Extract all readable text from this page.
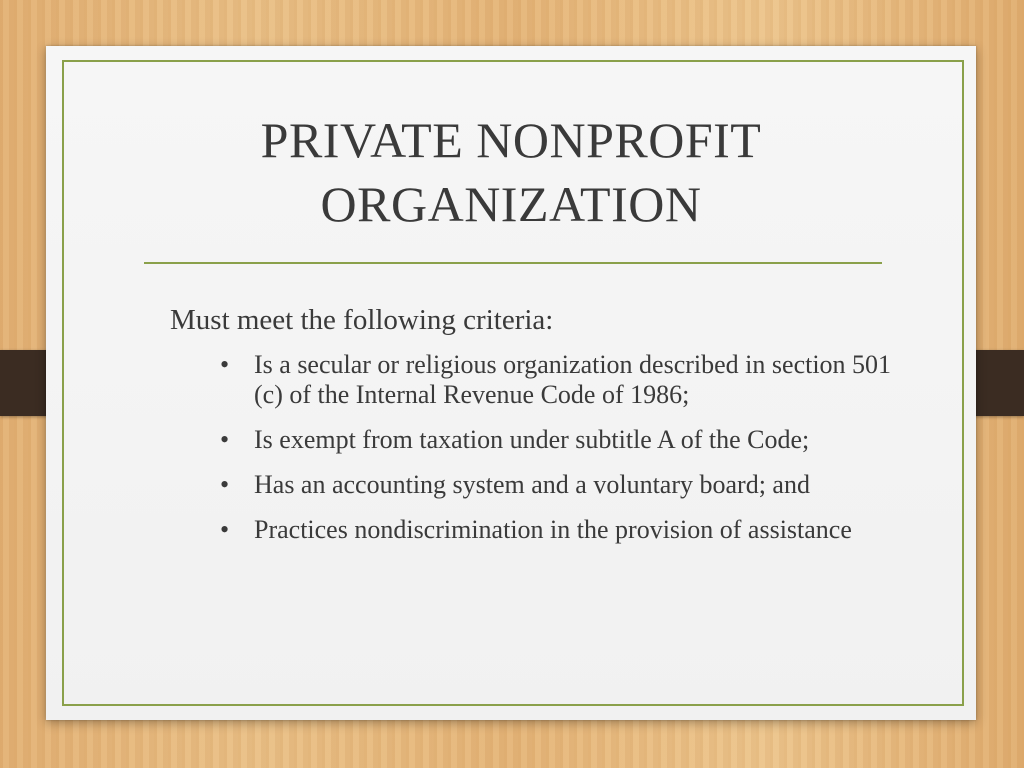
PRIVATE NONPROFIT
ORGANIZATION

Must meet the following criteria:

• Is a secular or religious organization described in section 501 (c) of the Internal Revenue Code of 1986;
• Is exempt from taxation under subtitle A of the Code;
• Has an accounting system and a voluntary board; and
• Practices nondiscrimination in the provision of assistance
